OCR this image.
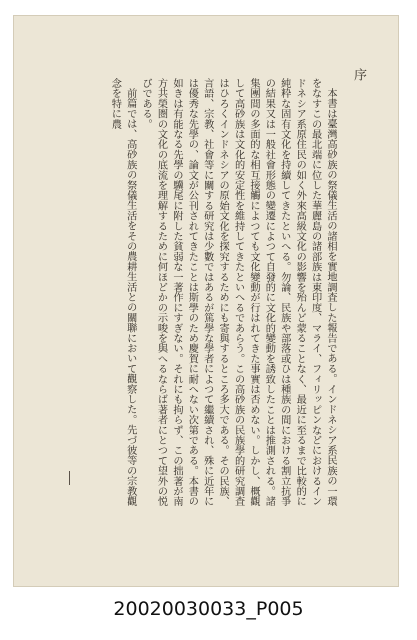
序

本書は臺灣高砂族の祭儀生活の諸相を實地調査した報告である。インドネシア系民族の一環をなすこの最北端に位した華麗島の諸部族は東印度、マライ、フィリッピンなどにおけるインドネシア系原住民の如く外來高級文化の影響を殆んど蒙ることなく、最近に至るまで比較的に純粋な固有文化を持續してきたといへる。勿論、民族や部落或ひは種族の間における割立抗爭の結果又は一般社會形態の變遷によつて自發的に文化的變動を誘致したことは推測される。諸集團間の多面的な相互接觸によつても文化變動が行はれてきた事實は否めない。しかし、概觀して高砂族は文化的安定性を維持してきたといへるであらう。この高砂族の民族學的研究調査はひろくインドネシアの原始文化を探究するためにも寄與するところ多大である。その民族、言語、宗教、社會等に關する研究は少數ではあるが篤學な學者によつて繼續され、殊に近年には優秀な先學の、論文が公刊されてきたことは斯學のため慶賀に耐へない次第である。本書の如きは有能なる先學の驥尾に附した貧弱な一著作にすぎない。それにも拘らず、この拙著が南方共榮圏の文化の底流を理解するために何ほどかの示唆を與へるならば著者にとつて望外の悦びである。

前篇では、高砂族の祭儀生活をその農耕生活との關聯において觀察した。先づ彼等の宗教觀念を特に農

20020030033_P005
